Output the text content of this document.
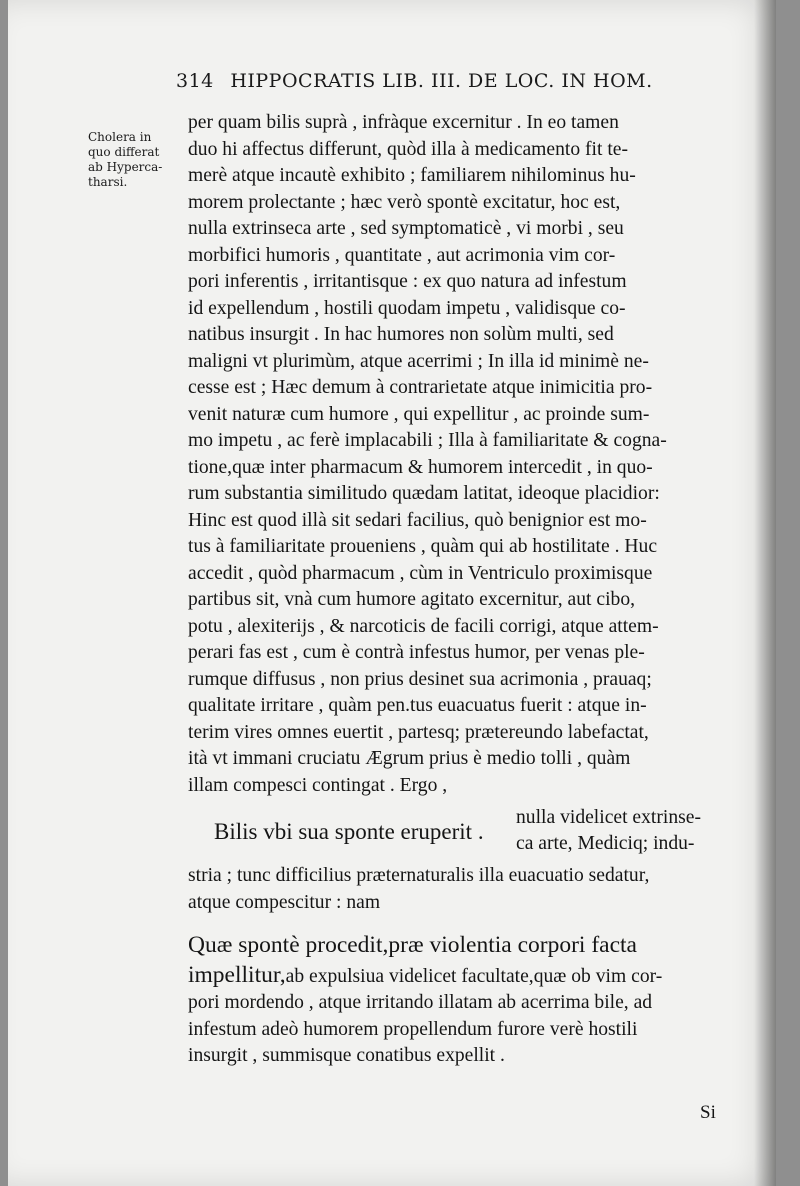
314 HIPPOCRATIS LIB. III. DE LOC. IN HOM.
Cholera in
quo differat
ab Hyperca-
tharsi.
per quam bilis suprà , infràque excernitur . In eo tamen
duo hi affectus differunt, quòd illa à medicamento fit te-
merè atque incautè exhibito ; familiarem nihilominus hu-
morem prolectante ; hæc verò spontè excitatur, hoc est,
nulla extrinseca arte , sed symptomaticè , vi morbi , seu
morbifici humoris , quantitate , aut acrimonia vim cor-
pori inferentis , irritantisque : ex quo natura ad infestum
id expellendum , hostili quodam impetu , validisque co-
natibus insurgit . In hac humores non solùm multi, sed
maligni vt plurimùm, atque acerrimi ; In illa id minimè ne-
cesse est ; Hæc demum à contrarietate atque inimicitia pro-
venit naturæ cum humore , qui expellitur , ac proinde sum-
mo impetu , ac ferè implacabili ; Illa à familiaritate & cogna-
tione,quæ inter pharmacum & humorem intercedit , in quo-
rum substantia similitudo quædam latitat, ideoque placidior:
Hinc est quod illà sit sedari facilius, quò benignior est mo-
tus à familiaritate proueniens , quàm qui ab hostilitate . Huc
accedit , quòd pharmacum , cùm in Ventriculo proximisque
partibus sit, vnà cum humore agitato excernitur, aut cibo,
potu , alexiterijs , & narcoticis de facili corrigi, atque attem-
perari fas est , cum è contrà infestus humor, per venas ple-
rumque diffusus , non prius desinet sua acrimonia , prauaq;
qualitate irritare , quàm pen.tus euacuatus fuerit : atque in-
terim vires omnes euertit , partesq; prætereundo labefactat,
ità vt immani cruciatu Ægrum prius è medio tolli , quàm
illam compesci contingat . Ergo ,
Bilis vbi sua sponte eruperit .
nulla videlicet extrinse-
ca arte, Mediciq; indu-
stria ; tunc difficilius præternaturalis illa euacuatio sedatur,
atque compescitur : nam
Quæ spontè procedit,præ violentia corpori facta
impellitur,ab expulsiua videlicet facultate,quæ ob vim cor-
pori mordendo , atque irritando illatam ab acerrima bile, ad
infestum adeò humorem propellendum furore verè hostili
insurgit , summisque conatibus expellit .
Si
